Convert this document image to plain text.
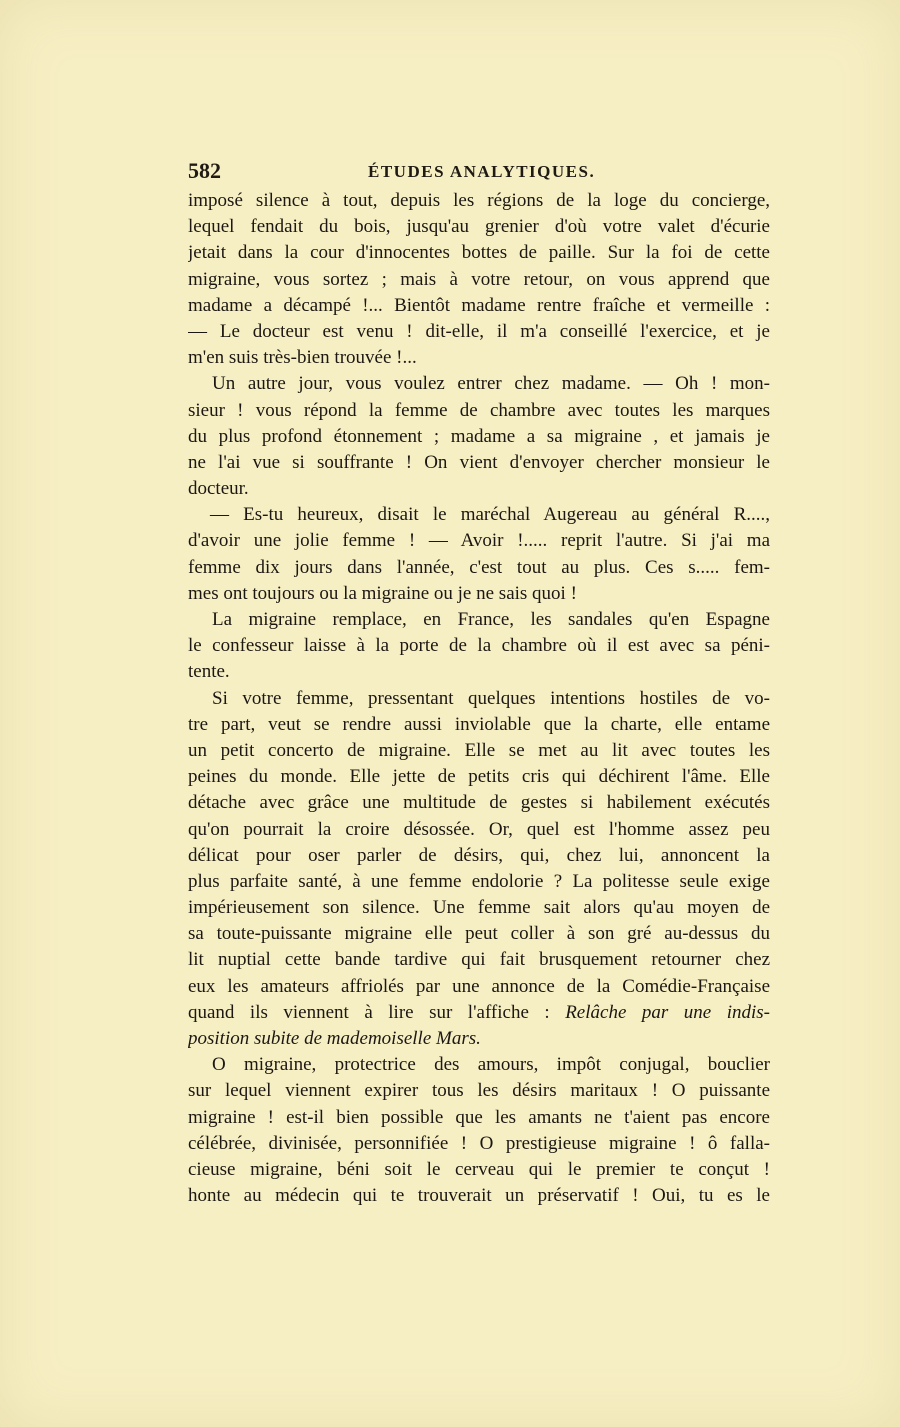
582	ÉTUDES ANALYTIQUES.
imposé silence à tout, depuis les régions de la loge du concierge,
lequel fendait du bois, jusqu'au grenier d'où votre valet d'écurie
jetait dans la cour d'innocentes bottes de paille. Sur la foi de cette
migraine, vous sortez ; mais à votre retour, on vous apprend que
madame a décampé !... Bientôt madame rentre fraîche et vermeille :
— Le docteur est venu ! dit-elle, il m'a conseillé l'exercice, et je
m'en suis très-bien trouvée !...
Un autre jour, vous voulez entrer chez madame. — Oh ! mon-
sieur ! vous répond la femme de chambre avec toutes les marques
du plus profond étonnement ; madame a sa migraine , et jamais je
ne l'ai vue si souffrante ! On vient d'envoyer chercher monsieur le
docteur.
— Es-tu heureux, disait le maréchal Augereau au général R....,
d'avoir une jolie femme ! — Avoir !..... reprit l'autre. Si j'ai ma
femme dix jours dans l'année, c'est tout au plus. Ces s..... fem-
mes ont toujours ou la migraine ou je ne sais quoi !
La migraine remplace, en France, les sandales qu'en Espagne
le confesseur laisse à la porte de la chambre où il est avec sa péni-
tente.
Si votre femme, pressentant quelques intentions hostiles de vo-
tre part, veut se rendre aussi inviolable que la charte, elle entame
un petit concerto de migraine. Elle se met au lit avec toutes les
peines du monde. Elle jette de petits cris qui déchirent l'âme. Elle
détache avec grâce une multitude de gestes si habilement exécutés
qu'on pourrait la croire désossée. Or, quel est l'homme assez peu
délicat pour oser parler de désirs, qui, chez lui, annoncent la
plus parfaite santé, à une femme endolorie ? La politesse seule exige
impérieusement son silence. Une femme sait alors qu'au moyen de
sa toute-puissante migraine elle peut coller à son gré au-dessus du
lit nuptial cette bande tardive qui fait brusquement retourner chez
eux les amateurs affriolés par une annonce de la Comédie-Française
quand ils viennent à lire sur l'affiche : Relâche par une indis-
position subite de mademoiselle Mars.
O migraine, protectrice des amours, impôt conjugal, bouclier
sur lequel viennent expirer tous les désirs maritaux ! O puissante
migraine ! est-il bien possible que les amants ne t'aient pas encore
célébrée, divinisée, personnifiée ! O prestigieuse migraine ! ô falla-
cieuse migraine, béni soit le cerveau qui le premier te conçut !
honte au médecin qui te trouverait un préservatif ! Oui, tu es le
